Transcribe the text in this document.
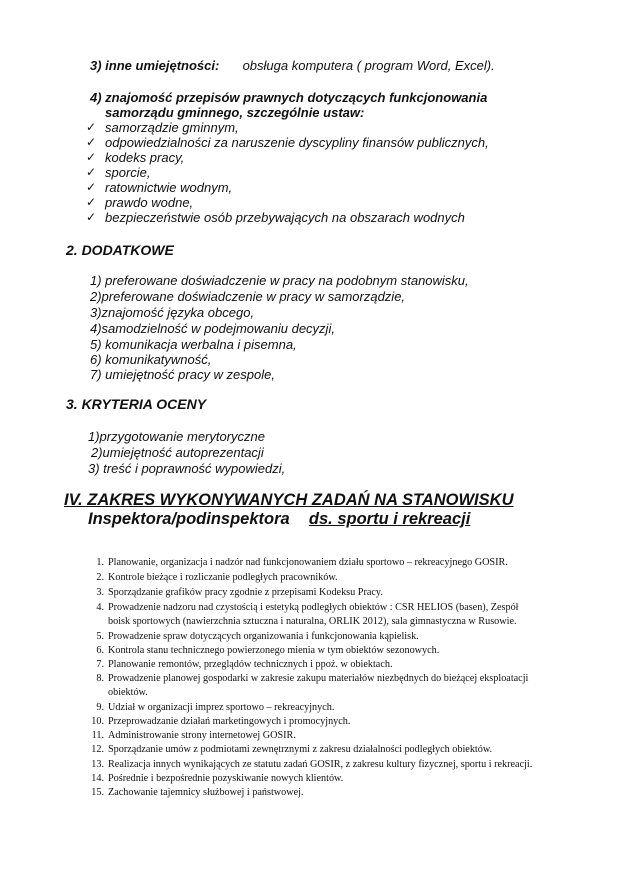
3) inne umiejętności: obsługa komputera ( program Word, Excel).
4) znajomość przepisów prawnych dotyczących funkcjonowania
samorządu gminnego, szczególnie ustaw:
✓ samorządzie gminnym,
✓ odpowiedzialności za naruszenie dyscypliny finansów publicznych,
✓ kodeks pracy,
✓ sporcie,
✓ ratownictwie wodnym,
✓ prawdo wodne,
✓ bezpieczeństwie osób przebywających na obszarach wodnych
2. DODATKOWE
1) preferowane doświadczenie w pracy na podobnym stanowisku,
2)preferowane doświadczenie w pracy w samorządzie,
3)znajomość języka obcego,
4)samodzielność w podejmowaniu decyzji,
5) komunikacja werbalna i pisemna,
6) komunikatywność,
7) umiejętność pracy w zespole,
3. KRYTERIA OCENY
1)przygotowanie merytoryczne
2)umiejętność autoprezentacji
3) treść i poprawność wypowiedzi,
IV. ZAKRES WYKONYWANYCH ZADAŃ NA STANOWISKU
Inspektora/podinspektora ds. sportu i rekreacji
1. Planowanie, organizacja i nadzór nad funkcjonowaniem działu sportowo – rekreacyjnego GOSIR.
2. Kontrole bieżące i rozliczanie podległych pracowników.
3. Sporządzanie grafików pracy zgodnie z przepisami Kodeksu Pracy.
4. Prowadzenie nadzoru nad czystością i estetyką podległych obiektów : CSR HELIOS (basen), Zespół
boisk sportowych (nawierzchnia sztuczna i naturalna, ORLIK 2012), sala gimnastyczna w Rusowie.
5. Prowadzenie spraw dotyczących organizowania i funkcjonowania kąpielisk.
6. Kontrola stanu technicznego powierzonego mienia w tym obiektów sezonowych.
7. Planowanie remontów, przeglądów technicznych i ppoż. w obiektach.
8. Prowadzenie planowej gospodarki w zakresie zakupu materiałów niezbędnych do bieżącej eksploatacji
obiektów.
9. Udział w organizacji imprez sportowo – rekreacyjnych.
10. Przeprowadzanie działań marketingowych i promocyjnych.
11. Administrowanie strony internetowej GOSIR.
12. Sporządzanie umów z podmiotami zewnętrznymi z zakresu działalności podległych obiektów.
13. Realizacja innych wynikających ze statutu zadań GOSIR, z zakresu kultury fizycznej, sportu i rekreacji.
14. Pośrednie i bezpośrednie pozyskiwanie nowych klientów.
15. Zachowanie tajemnicy służbowej i państwowej.
